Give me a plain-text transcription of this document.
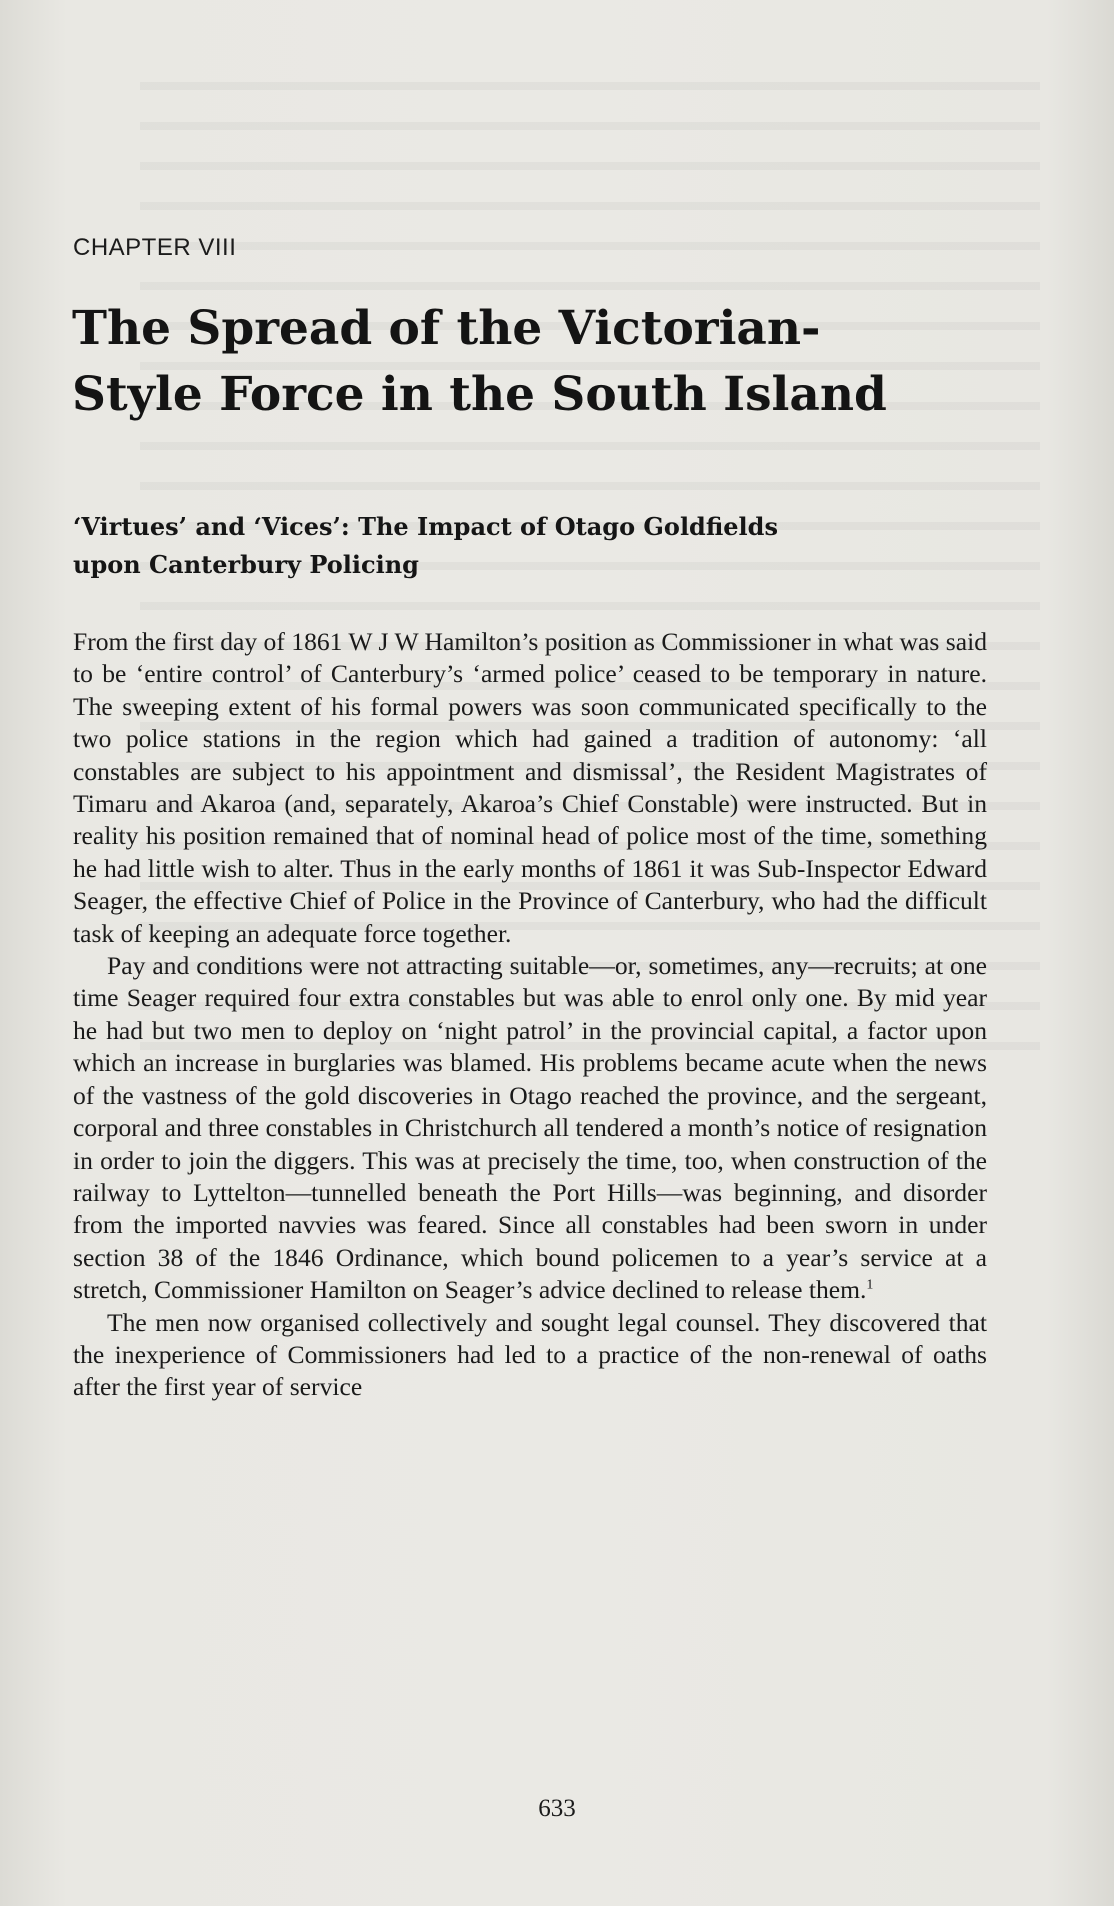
CHAPTER VIII
The Spread of the Victorian-
Style Force in the South Island
‘Virtues’ and ‘Vices’: The Impact of Otago Goldfields
upon Canterbury Policing

From the first day of 1861 W J W Hamilton’s position as Commissioner in what was said to be ‘entire control’ of Canterbury’s ‘armed police’ ceased to be temporary in nature. The sweeping extent of his formal powers was soon communicated specifically to the two police stations in the region which had gained a tradition of autonomy: ‘all constables are subject to his appointment and dismissal’, the Resident Magistrates of Timaru and Akaroa (and, separately, Akaroa’s Chief Constable) were instructed. But in reality his position remained that of nominal head of police most of the time, something he had little wish to alter. Thus in the early months of 1861 it was Sub-Inspector Edward Seager, the effective Chief of Police in the Province of Canterbury, who had the difficult task of keeping an adequate force together.

Pay and conditions were not attracting suitable—or, sometimes, any—recruits; at one time Seager required four extra constables but was able to enrol only one. By mid year he had but two men to deploy on ‘night patrol’ in the provincial capital, a factor upon which an increase in burglaries was blamed. His problems became acute when the news of the vastness of the gold discoveries in Otago reached the province, and the sergeant, corporal and three constables in Christchurch all tendered a month’s notice of resignation in order to join the diggers. This was at precisely the time, too, when construction of the railway to Lyttelton—tunnelled beneath the Port Hills—was beginning, and disorder from the imported navvies was feared. Since all constables had been sworn in under section 38 of the 1846 Ordinance, which bound policemen to a year’s service at a stretch, Commissioner Hamilton on Seager’s advice declined to release them.$^1$

The men now organised collectively and sought legal counsel. They discovered that the inexperience of Commissioners had led to a practice of the non-renewal of oaths after the first year of service

633
